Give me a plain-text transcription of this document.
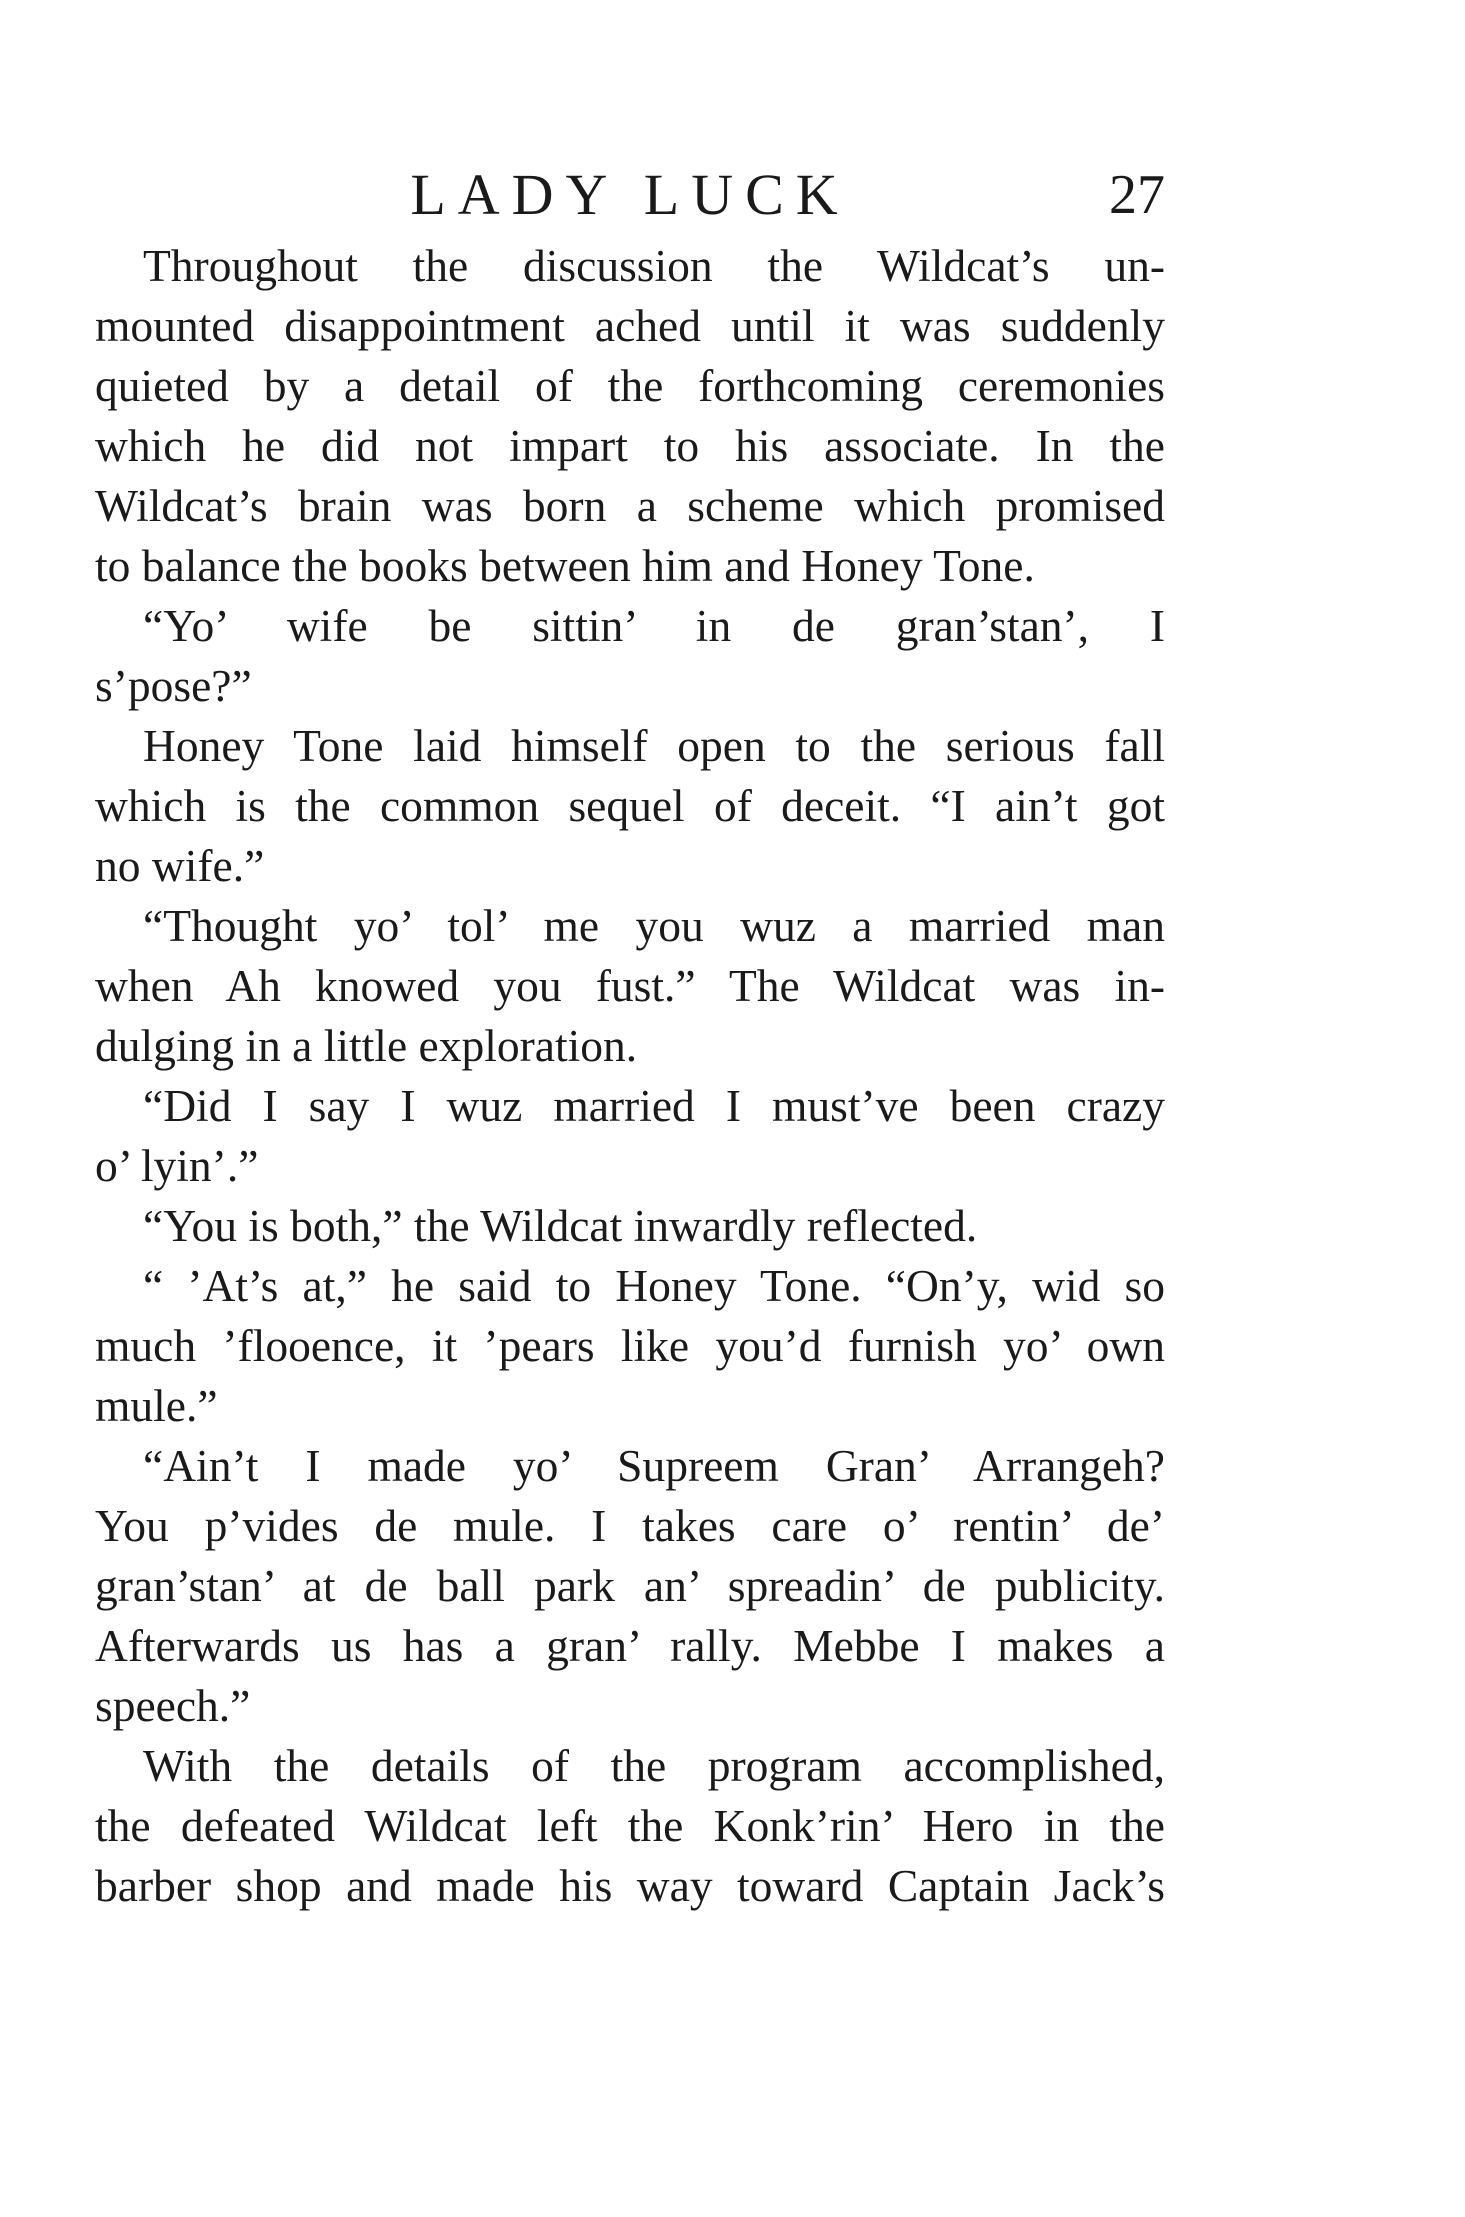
LADY LUCK	27
Throughout the discussion the Wildcat’s un-
mounted disappointment ached until it was suddenly
quieted by a detail of the forthcoming ceremonies
which he did not impart to his associate. In the
Wildcat’s brain was born a scheme which promised
to balance the books between him and Honey Tone.
“Yo’ wife be sittin’ in de gran’stan’, I
s’pose?”
Honey Tone laid himself open to the serious fall
which is the common sequel of deceit. “I ain’t got
no wife.”
“Thought yo’ tol’ me you wuz a married man
when Ah knowed you fust.” The Wildcat was in-
dulging in a little exploration.
“Did I say I wuz married I must’ve been crazy
o’ lyin’.”
“You is both,” the Wildcat inwardly reflected.
“ ’At’s at,” he said to Honey Tone. “On’y, wid so
much ’flooence, it ’pears like you’d furnish yo’ own
mule.”
“Ain’t I made yo’ Supreem Gran’ Arrangeh?
You p’vides de mule. I takes care o’ rentin’ de’
gran’stan’ at de ball park an’ spreadin’ de publicity.
Afterwards us has a gran’ rally. Mebbe I makes a
speech.”
With the details of the program accomplished,
the defeated Wildcat left the Konk’rin’ Hero in the
barber shop and made his way toward Captain Jack’s
